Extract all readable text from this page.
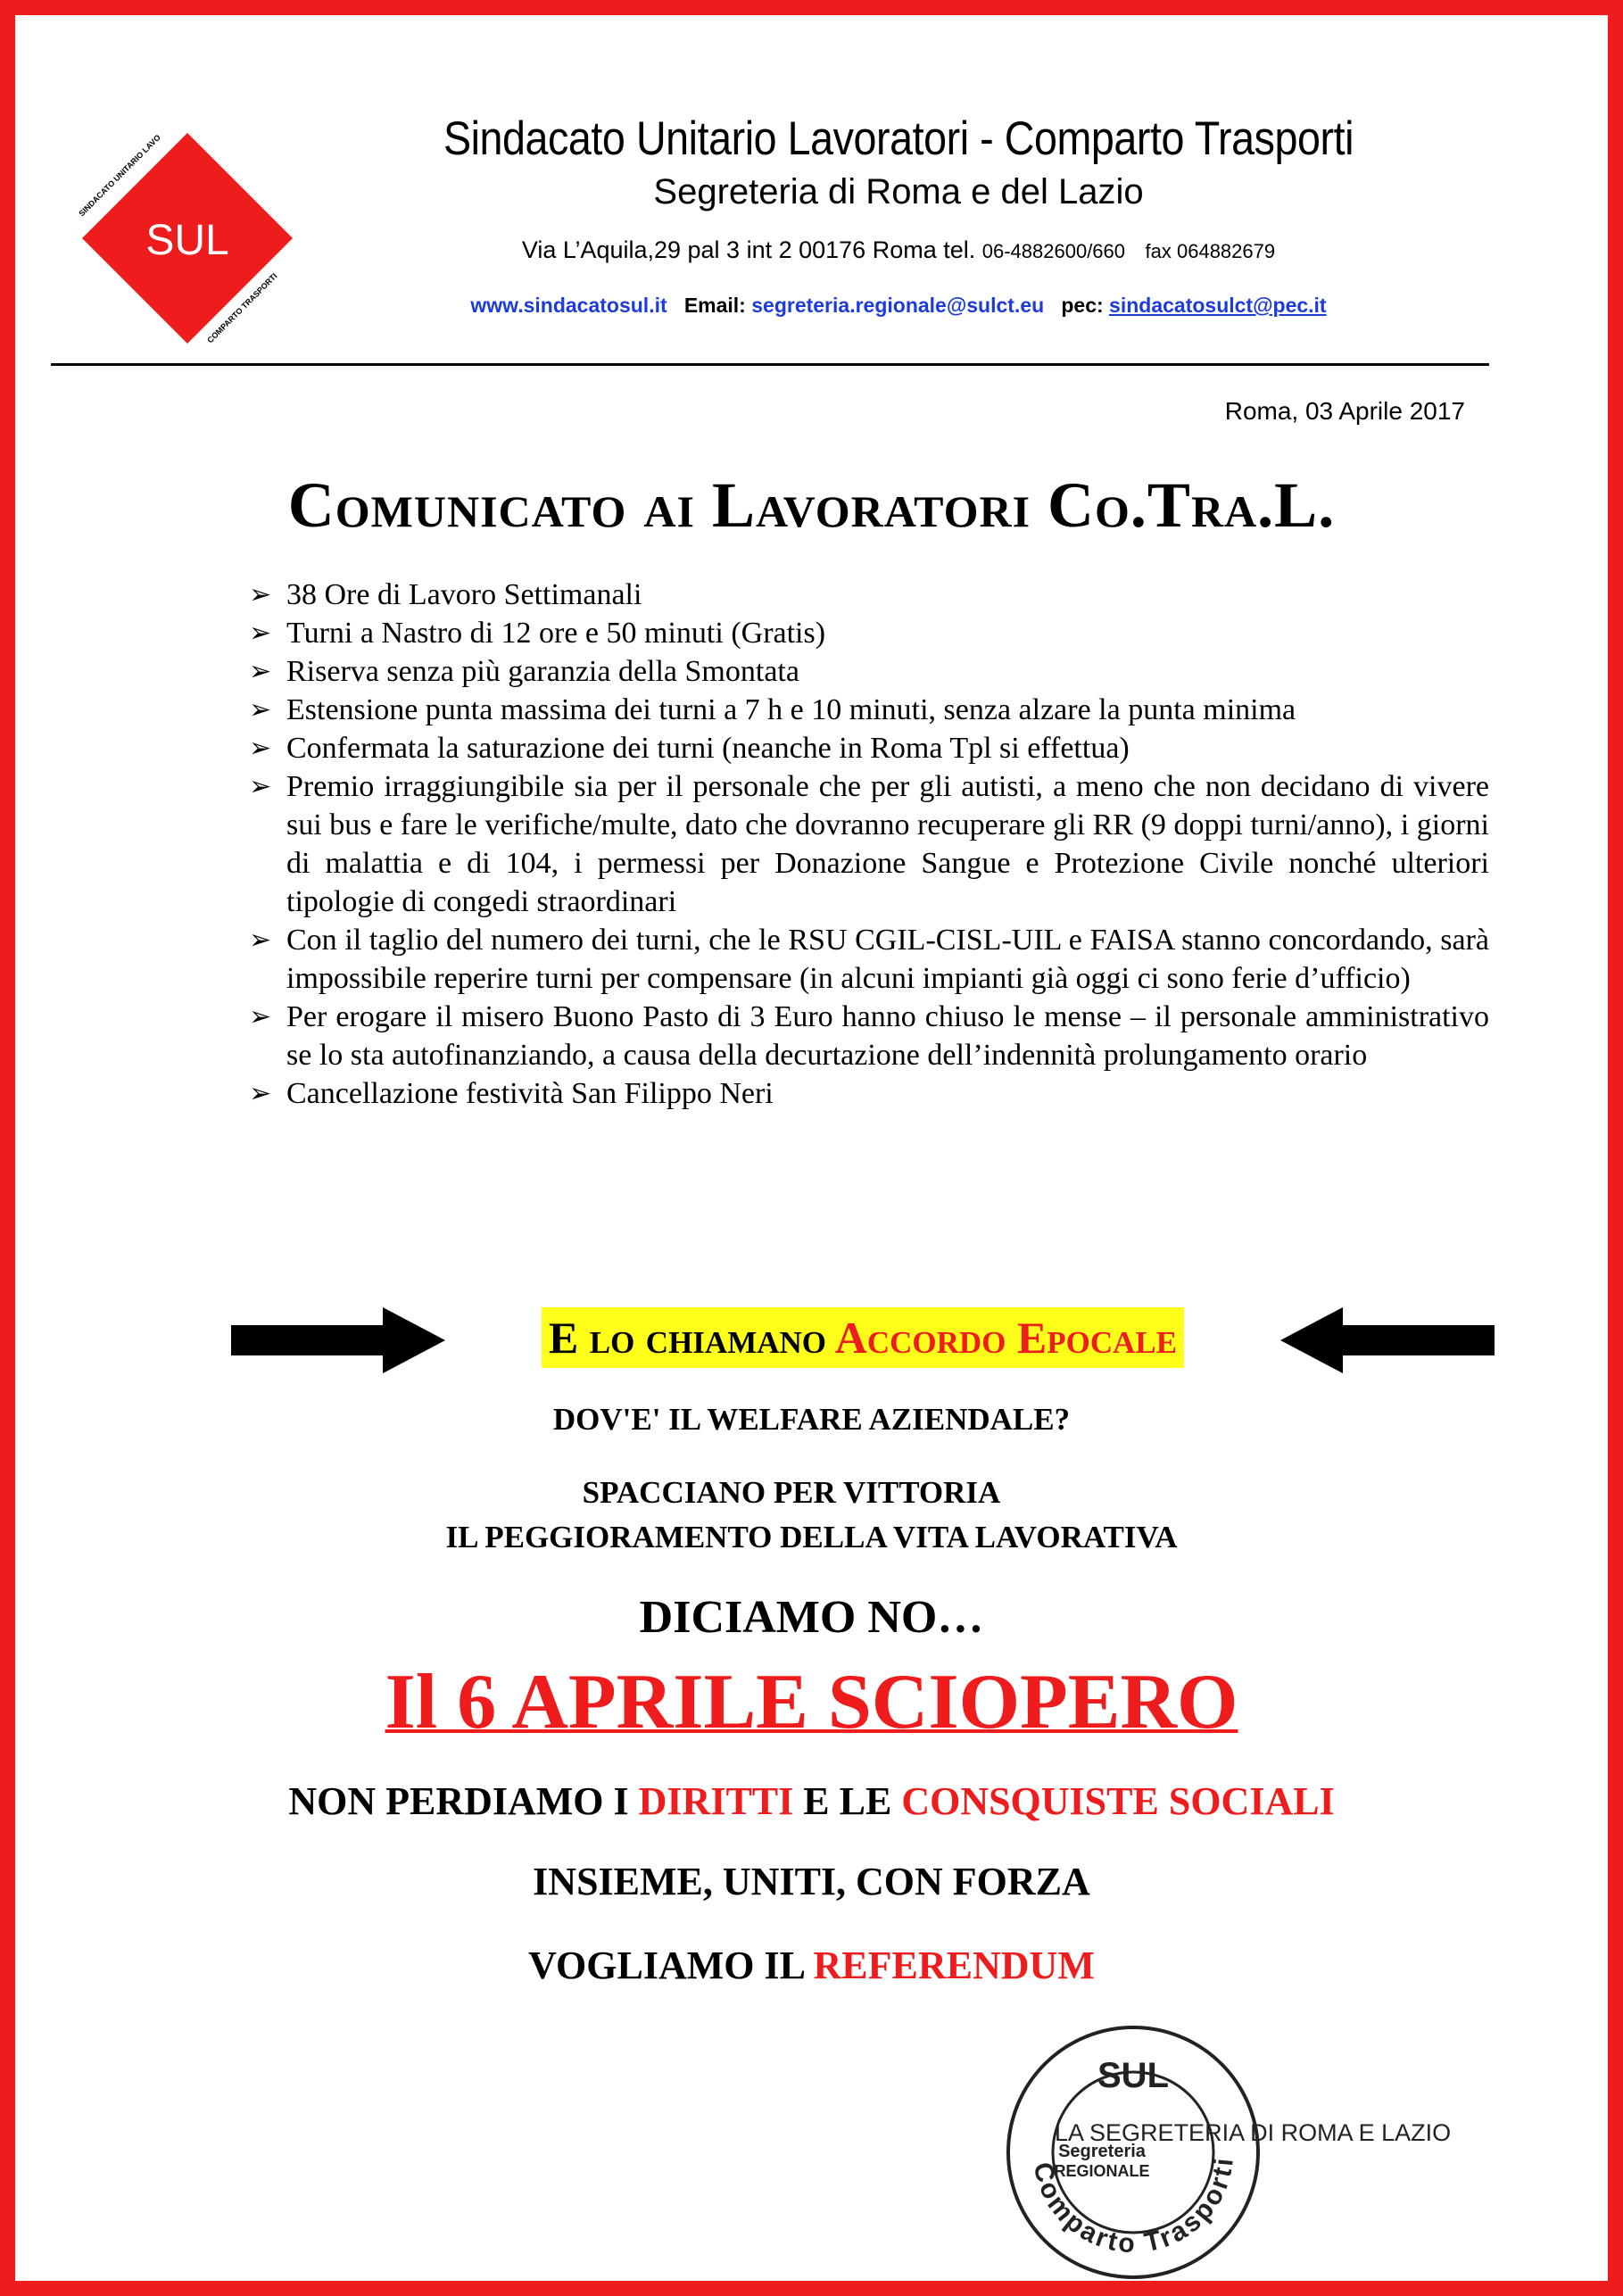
SUL
SINDACATO UNITARIO LAVO
COMPARTO TRASPORTI
Sindacato Unitario Lavoratori - Comparto Trasporti
Segreteria di Roma e del Lazio
Via L’Aquila,29 pal 3 int 2 00176 Roma tel. 06-4882600/660 fax 064882679
www.sindacatosul.it Email: segreteria.regionale@sulct.eu pec: sindacatosulct@pec.it
Roma, 03 Aprile 2017
Comunicato ai Lavoratori Co.Tra.L.
➢ 38 Ore di Lavoro Settimanali
➢ Turni a Nastro di 12 ore e 50 minuti (Gratis)
➢ Riserva senza più garanzia della Smontata
➢ Estensione punta massima dei turni a 7 h e 10 minuti, senza alzare la punta minima
➢ Confermata la saturazione dei turni (neanche in Roma Tpl si effettua)
➢ Premio irraggiungibile sia per il personale che per gli autisti, a meno che non decidano di vivere sui bus e fare le verifiche/multe, dato che dovranno recuperare gli RR (9 doppi turni/anno), i giorni di malattia e di 104, i permessi per Donazione Sangue e Protezione Civile nonché ulteriori tipologie di congedi straordinari
➢ Con il taglio del numero dei turni, che le RSU CGIL-CISL-UIL e FAISA stanno concordando, sarà impossibile reperire turni per compensare (in alcuni impianti già oggi ci sono ferie d’ufficio)
➢ Per erogare il misero Buono Pasto di 3 Euro hanno chiuso le mense – il personale amministrativo se lo sta autofinanziando, a causa della decurtazione dell’indennità prolungamento orario
➢ Cancellazione festività San Filippo Neri
E lo chiamano Accordo Epocale
DOV'E' IL WELFARE AZIENDALE?
SPACCIANO PER VITTORIA
IL PEGGIORAMENTO DELLA VITA LAVORATIVA
DICIAMO NO…
Il 6 APRILE SCIOPERO
NON PERDIAMO I DIRITTI E LE CONSQUISTE SOCIALI
INSIEME, UNITI, CON FORZA
VOGLIAMO IL REFERENDUM
SUL
Segreteria
REGIONALE
Comparto Trasporti
LA SEGRETERIA DI ROMA E LAZIO
